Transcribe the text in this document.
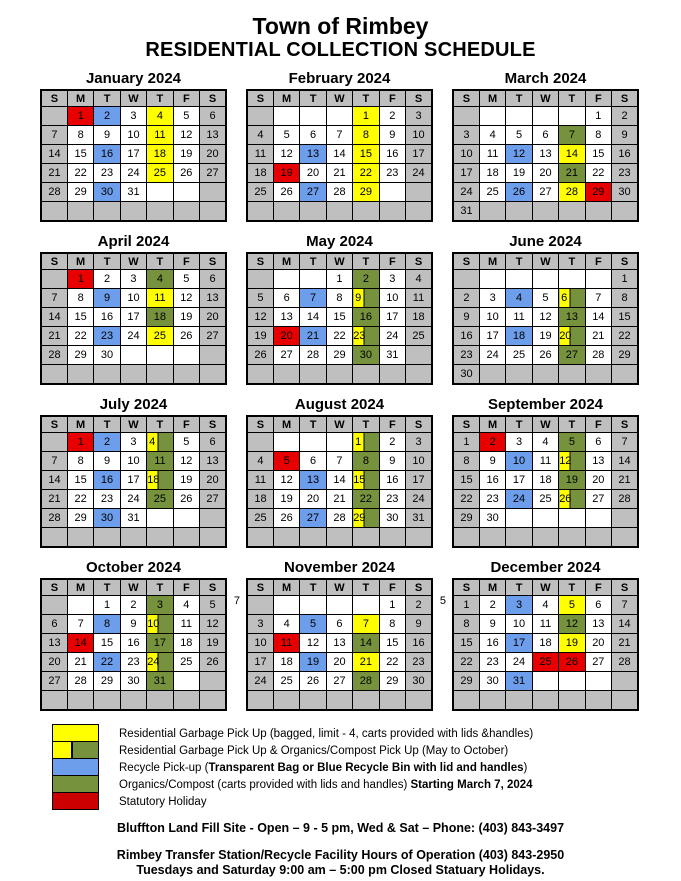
Town of Rimbey
RESIDENTIAL COLLECTION SCHEDULE
January 2024
S	M	T	W	T	F	S
	1	2	3	4	5	6
7	8	9	10	11	12	13
14	15	16	17	18	19	20
21	22	23	24	25	26	27
28	29	30	31			

February 2024
S	M	T	W	T	F	S
				1	2	3
4	5	6	7	8	9	10
11	12	13	14	15	16	17
18	19	20	21	22	23	24
25	26	27	28	29		

March 2024
S	M	T	W	T	F	S
					1	2
3	4	5	6	7	8	9
10	11	12	13	14	15	16
17	18	19	20	21	22	23
24	25	26	27	28	29	30
31						
April 2024
S	M	T	W	T	F	S
	1	2	3	4	5	6
7	8	9	10	11	12	13
14	15	16	17	18	19	20
21	22	23	24	25	26	27
28	29	30				

May 2024
S	M	T	W	T	F	S
			1	2	3	4
5	6	7	8	9	10	11
12	13	14	15	16	17	18
19	20	21	22	23	24	25
26	27	28	29	30	31	

June 2024
S	M	T	W	T	F	S
						1
2	3	4	5	6	7	8
9	10	11	12	13	14	15
16	17	18	19	20	21	22
23	24	25	26	27	28	29
30						
July 2024
S	M	T	W	T	F	S
	1	2	3	4	5	6
7	8	9	10	11	12	13
14	15	16	17	18	19	20
21	22	23	24	25	26	27
28	29	30	31			

August 2024
S	M	T	W	T	F	S

				1	2	3
4	5	6	7	8	9	10
11	12	13	14	15	16	17
18	19	20	21	22	23	24
25	26	27	28	29	30	31

September 2024
S	M	T	W	T	F	S
1	2	3	4	5	6	7
8	9	10	11	12	13	14
15	16	17	18	19	20	21
22	23	24	25	26	27	28
29	30					

October 2024
S	M	T	W	T	F	S
		1	2	3	4	5
6	7	8	9	10	11	12
13	14	15	16	17	18	19
20	21	22	23	24	25	26
27	28	29	30	31		

7
November 2024
S	M	T	W	T	F	S
					1	2
3	4	5	6	7	8	9
10	11	12	13	14	15	16
17	18	19	20	21	22	23
24	25	26	27	28	29	30

5
December 2024
S	M	T	W	T	F	S
1	2	3	4	5	6	7
8	9	10	11	12	13	14
15	16	17	18	19	20	21
22	23	24	25	26	27	28
29	30	31				

Residential Garbage Pick Up (bagged, limit - 4, carts provided with lids &handles)
Residential Garbage Pick Up & Organics/Compost Pick Up (May to October)
Recycle Pick-up (Transparent Bag or Blue Recycle Bin with lid and handles)
Organics/Compost (carts provided with lids and handles) Starting March 7, 2024
Statutory Holiday
Bluffton Land Fill Site - Open – 9 - 5 pm, Wed & Sat – Phone: (403) 843-3497
Rimbey Transfer Station/Recycle Facility Hours of Operation (403) 843-2950
Tuesdays and Saturday 9:00 am – 5:00 pm Closed Statuary Holidays.
